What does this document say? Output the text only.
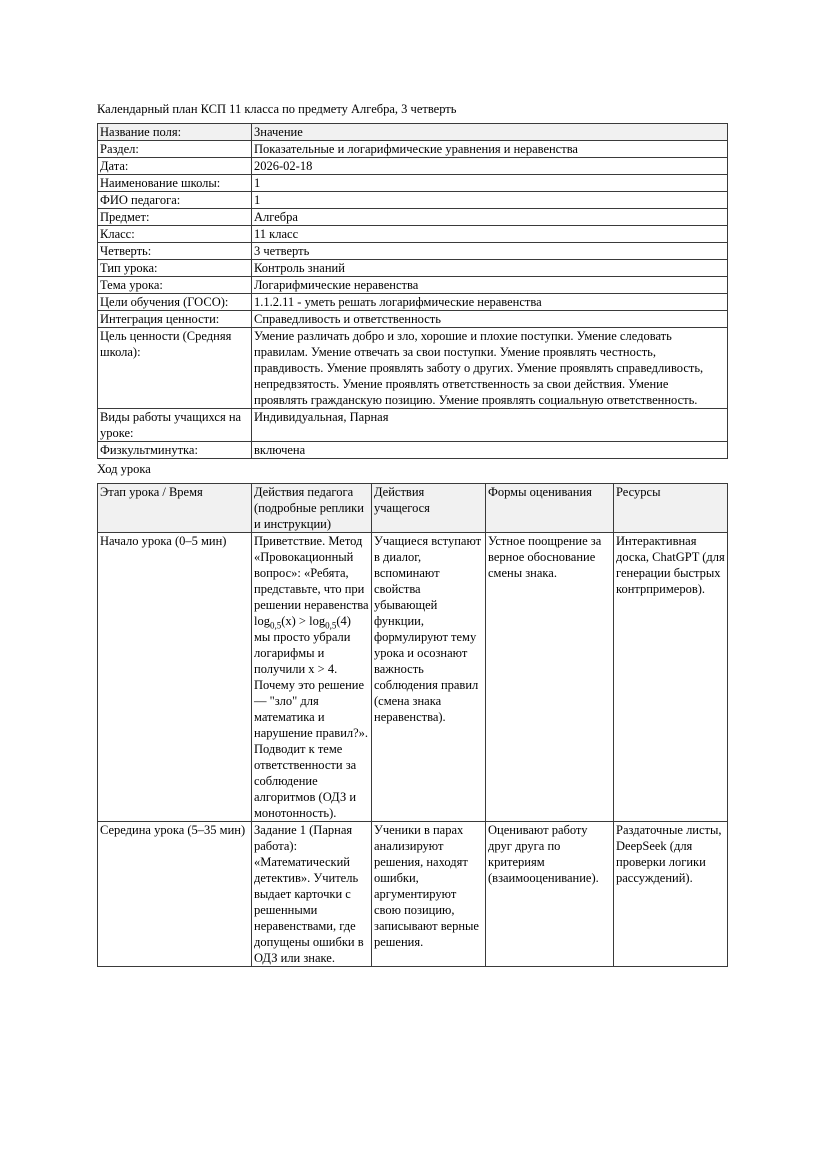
Календарный план КСП 11 класса по предмету Алгебра, 3 четверть
Название поля:	Значение
Раздел:	Показательные и логарифмические уравнения и неравенства
Дата:	2026-02-18
Наименование школы:	1
ФИО педагога:	1
Предмет:	Алгебра
Класс:	11 класс
Четверть:	3 четверть
Тип урока:	Контроль знаний
Тема урока:	Логарифмические неравенства
Цели обучения (ГОСО):	1.1.2.11 - уметь решать логарифмические неравенства
Интеграция ценности:	Справедливость и ответственность
Цель ценности (Средняя школа):	Умение различать добро и зло, хорошие и плохие поступки. Умение следовать правилам. Умение отвечать за свои поступки. Умение проявлять честность, правдивость. Умение проявлять заботу о других. Умение проявлять справедливость, непредвзятость. Умение проявлять ответственность за свои действия. Умение проявлять гражданскую позицию. Умение проявлять социальную ответственность.
Виды работы учащихся на уроке:	Индивидуальная, Парная
Физкультминутка:	включена
Ход урока
Этап урока / Время	Действия педагога (подробные реплики и инструкции)	Действия учащегося	Формы оценивания	Ресурсы
Начало урока (0–5 мин)	Приветствие. Метод «Провокационный вопрос»: «Ребята, представьте, что при решении неравенства $\log_{0,5}(x) > \log_{0,5}(4)$ мы просто убрали логарифмы и получили x > 4. Почему это решение — "зло" для математика и нарушение правил?». Подводит к теме ответственности за соблюдение алгоритмов (ОДЗ и монотонность).	Учащиеся вступают в диалог, вспоминают свойства убывающей функции, формулируют тему урока и осознают важность соблюдения правил (смена знака неравенства).	Устное поощрение за верное обоснование смены знака.	Интерактивная доска, ChatGPT (для генерации быстрых контрпримеров).
Середина урока (5–35 мин)	Задание 1 (Парная работа): «Математический детектив». Учитель выдает карточки с решенными неравенствами, где допущены ошибки в ОДЗ или знаке.	Ученики в парах анализируют решения, находят ошибки, аргументируют свою позицию, записывают верные решения.	Оценивают работу друг друга по критериям (взаимооценивание).	Раздаточные листы, DeepSeek (для проверки логики рассуждений).
